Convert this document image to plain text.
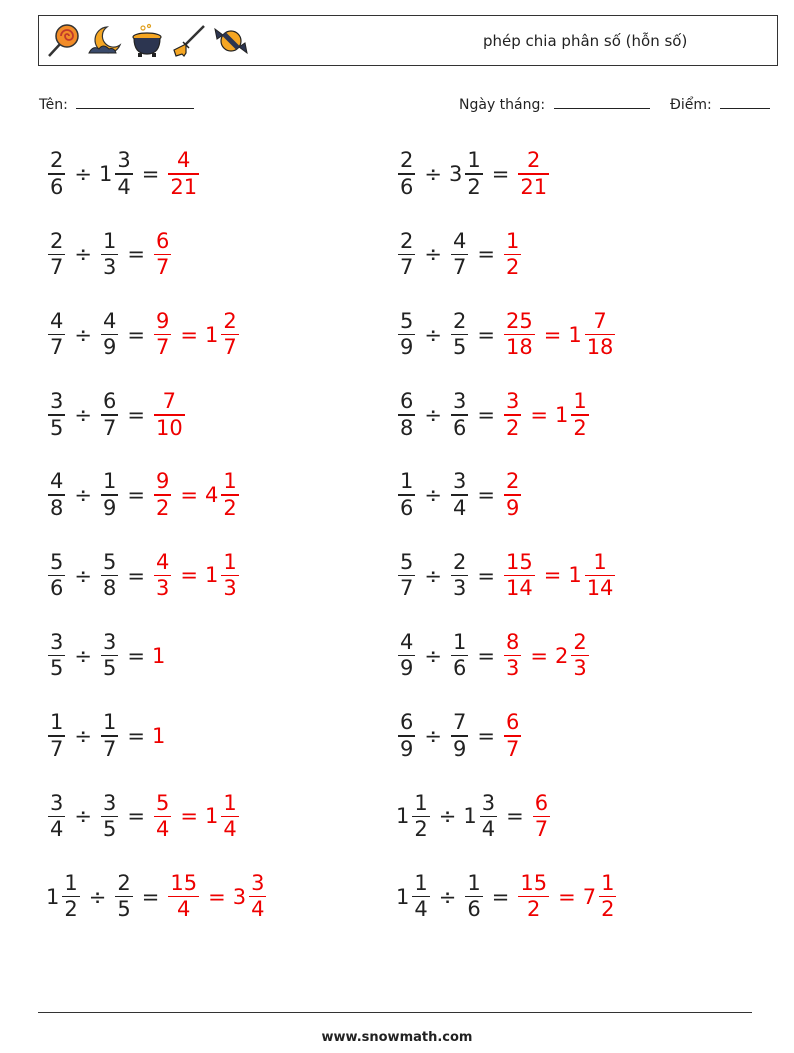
phép chia phân số (hỗn số)
Tên:	Ngày tháng:	Điểm:
$\frac{2}{6} \div 1 \frac{3}{4} = \frac{4}{21}$	$\frac{2}{6} \div 3 \frac{1}{2} = \frac{2}{21}$
$\frac{2}{7} \div \frac{1}{3} = \frac{6}{7}$	$\frac{2}{7} \div \frac{4}{7} = \frac{1}{2}$
$\frac{4}{7} \div \frac{4}{9} = \frac{9}{7} = 1 \frac{2}{7}$	$\frac{5}{9} \div \frac{2}{5} = \frac{25}{18} = 1 \frac{7}{18}$
$\frac{3}{5} \div \frac{6}{7} = \frac{7}{10}$	$\frac{6}{8} \div \frac{3}{6} = \frac{3}{2} = 1 \frac{1}{2}$
$\frac{4}{8} \div \frac{1}{9} = \frac{9}{2} = 4 \frac{1}{2}$	$\frac{1}{6} \div \frac{3}{4} = \frac{2}{9}$
$\frac{5}{6} \div \frac{5}{8} = \frac{4}{3} = 1 \frac{1}{3}$	$\frac{5}{7} \div \frac{2}{3} = \frac{15}{14} = 1 \frac{1}{14}$
$\frac{3}{5} \div \frac{3}{5} = 1$	$\frac{4}{9} \div \frac{1}{6} = \frac{8}{3} = 2 \frac{2}{3}$
$\frac{1}{7} \div \frac{1}{7} = 1$	$\frac{6}{9} \div \frac{7}{9} = \frac{6}{7}$
$\frac{3}{4} \div \frac{3}{5} = \frac{5}{4} = 1 \frac{1}{4}$	$1 \frac{1}{2} \div 1 \frac{3}{4} = \frac{6}{7}$
$1 \frac{1}{2} \div \frac{2}{5} = \frac{15}{4} = 3 \frac{3}{4}$	$1 \frac{1}{4} \div \frac{1}{6} = \frac{15}{2} = 7 \frac{1}{2}$
www.snowmath.com
